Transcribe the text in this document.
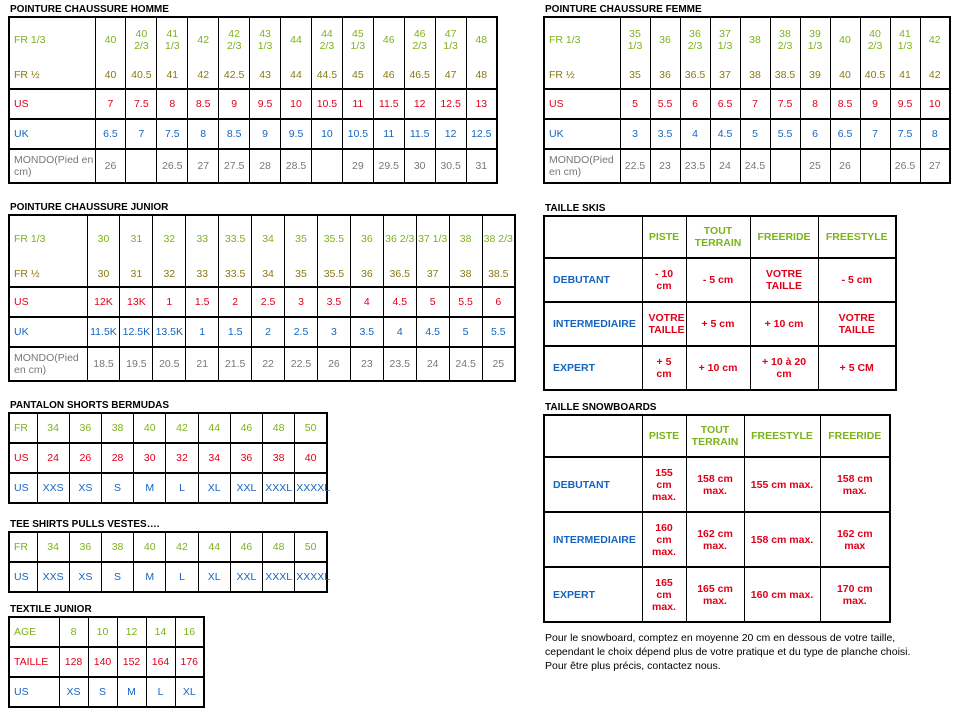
POINTURE CHAUSSURE HOMME
FR 1/3	40	40 2/3	41 1/3	42	42 2/3	43 1/3	44	44 2/3	45 1/3	46	46 2/3	47 1/3	48
FR ½	40	40.5	41	42	42.5	43	44	44.5	45	46	46.5	47	48
US	7	7.5	8	8.5	9	9.5	10	10.5	11	11.5	12	12.5	13
UK	6.5	7	7.5	8	8.5	9	9.5	10	10.5	11	11.5	12	12.5
MONDO(Pied en cm)	26		26.5	27	27.5	28	28.5		29	29.5	30	30.5	31
POINTURE CHAUSSURE FEMME
FR 1/3	35 1/3	36	36 2/3	37 1/3	38	38 2/3	39 1/3	40	40 2/3	41 1/3	42
FR ½	35	36	36.5	37	38	38.5	39	40	40.5	41	42
US	5	5.5	6	6.5	7	7.5	8	8.5	9	9.5	10
UK	3	3.5	4	4.5	5	5.5	6	6.5	7	7.5	8
MONDO(Pied en cm)	22.5	23	23.5	24	24.5		25	26		26.5	27
POINTURE CHAUSSURE JUNIOR
FR 1/3	30	31	32	33	33.5	34	35	35.5	36	36 2/3	37 1/3	38	38 2/3
FR ½	30	31	32	33	33.5	34	35	35.5	36	36.5	37	38	38.5
US	12K	13K	1	1.5	2	2.5	3	3.5	4	4.5	5	5.5	6
UK	11.5K	12.5K	13.5K	1	1.5	2	2.5	3	3.5	4	4.5	5	5.5
MONDO(Pied en cm)	18.5	19.5	20.5	21	21.5	22	22.5	26	23	23.5	24	24.5	25
PANTALON SHORTS BERMUDAS
FR	34	36	38	40	42	44	46	48	50
US	24	26	28	30	32	34	36	38	40
US	XXS	XS	S	M	L	XL	XXL	XXXL	XXXXL
TEE SHIRTS PULLS VESTES….
FR	34	36	38	40	42	44	46	48	50
US	XXS	XS	S	M	L	XL	XXL	XXXL	XXXXL
TEXTILE JUNIOR
AGE	8	10	12	14	16
TAILLE	128	140	152	164	176
US	XS	S	M	L	XL
TAILLE SKIS
	PISTE	TOUT TERRAIN	FREERIDE	FREESTYLE
DEBUTANT	- 10 cm	- 5 cm	VOTRE TAILLE	- 5 cm
INTERMEDIAIRE	VOTRE TAILLE	+ 5 cm	+ 10 cm	VOTRE TAILLE
EXPERT	+ 5 cm	+ 10 cm	+ 10 à 20 cm	+ 5 CM
TAILLE SNOWBOARDS
	PISTE	TOUT TERRAIN	FREESTYLE	FREERIDE
DEBUTANT	155 cm max.	158 cm max.	155 cm max.	158 cm max.
INTERMEDIAIRE	160 cm max.	162 cm max.	158 cm max.	162 cm max
EXPERT	165 cm max.	165 cm max.	160 cm max.	170 cm max.
Pour le snowboard, comptez en moyenne 20 cm en dessous de votre taille,
cependant le choix dépend plus de votre pratique et du type de planche choisi.
Pour être plus précis, contactez nous.
